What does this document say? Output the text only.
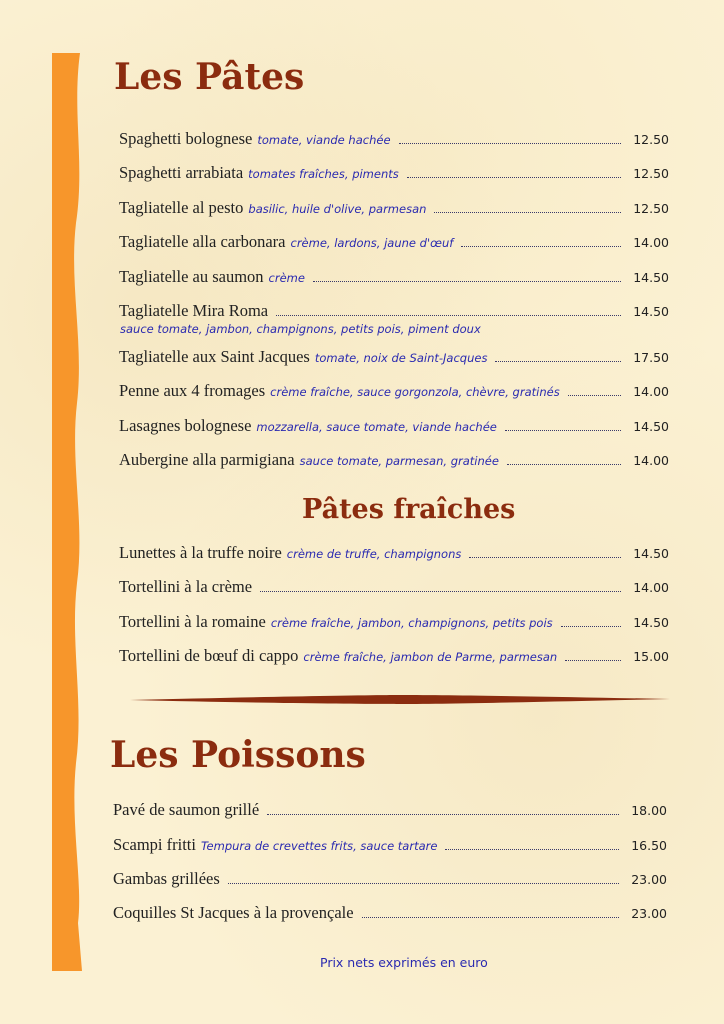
Les Pâtes
Spaghetti bolognese tomate, viande hachée	12.50
Spaghetti arrabiata tomates fraîches, piments	12.50
Tagliatelle al pesto basilic, huile d'olive, parmesan	12.50
Tagliatelle alla carbonara crème, lardons, jaune d'œuf	14.00
Tagliatelle au saumon crème	14.50
Tagliatelle Mira Roma	14.50
sauce tomate, jambon, champignons, petits pois, piment doux
Tagliatelle aux Saint Jacques tomate, noix de Saint-Jacques	17.50
Penne aux 4 fromages crème fraîche, sauce gorgonzola, chèvre, gratinés	14.00
Lasagnes bolognese mozzarella, sauce tomate, viande hachée	14.50
Aubergine alla parmigiana sauce tomate, parmesan, gratinée	14.00
Pâtes fraîches
Lunettes à la truffe noire crème de truffe, champignons	14.50
Tortellini à la crème	14.00
Tortellini à la romaine crème fraîche, jambon, champignons, petits pois	14.50
Tortellini de bœuf di cappo crème fraîche, jambon de Parme, parmesan	15.00
Les Poissons
Pavé de saumon grillé	18.00
Scampi fritti Tempura de crevettes frits, sauce tartare	16.50
Gambas grillées	23.00
Coquilles St Jacques à la provençale	23.00
Prix nets exprimés en euro
